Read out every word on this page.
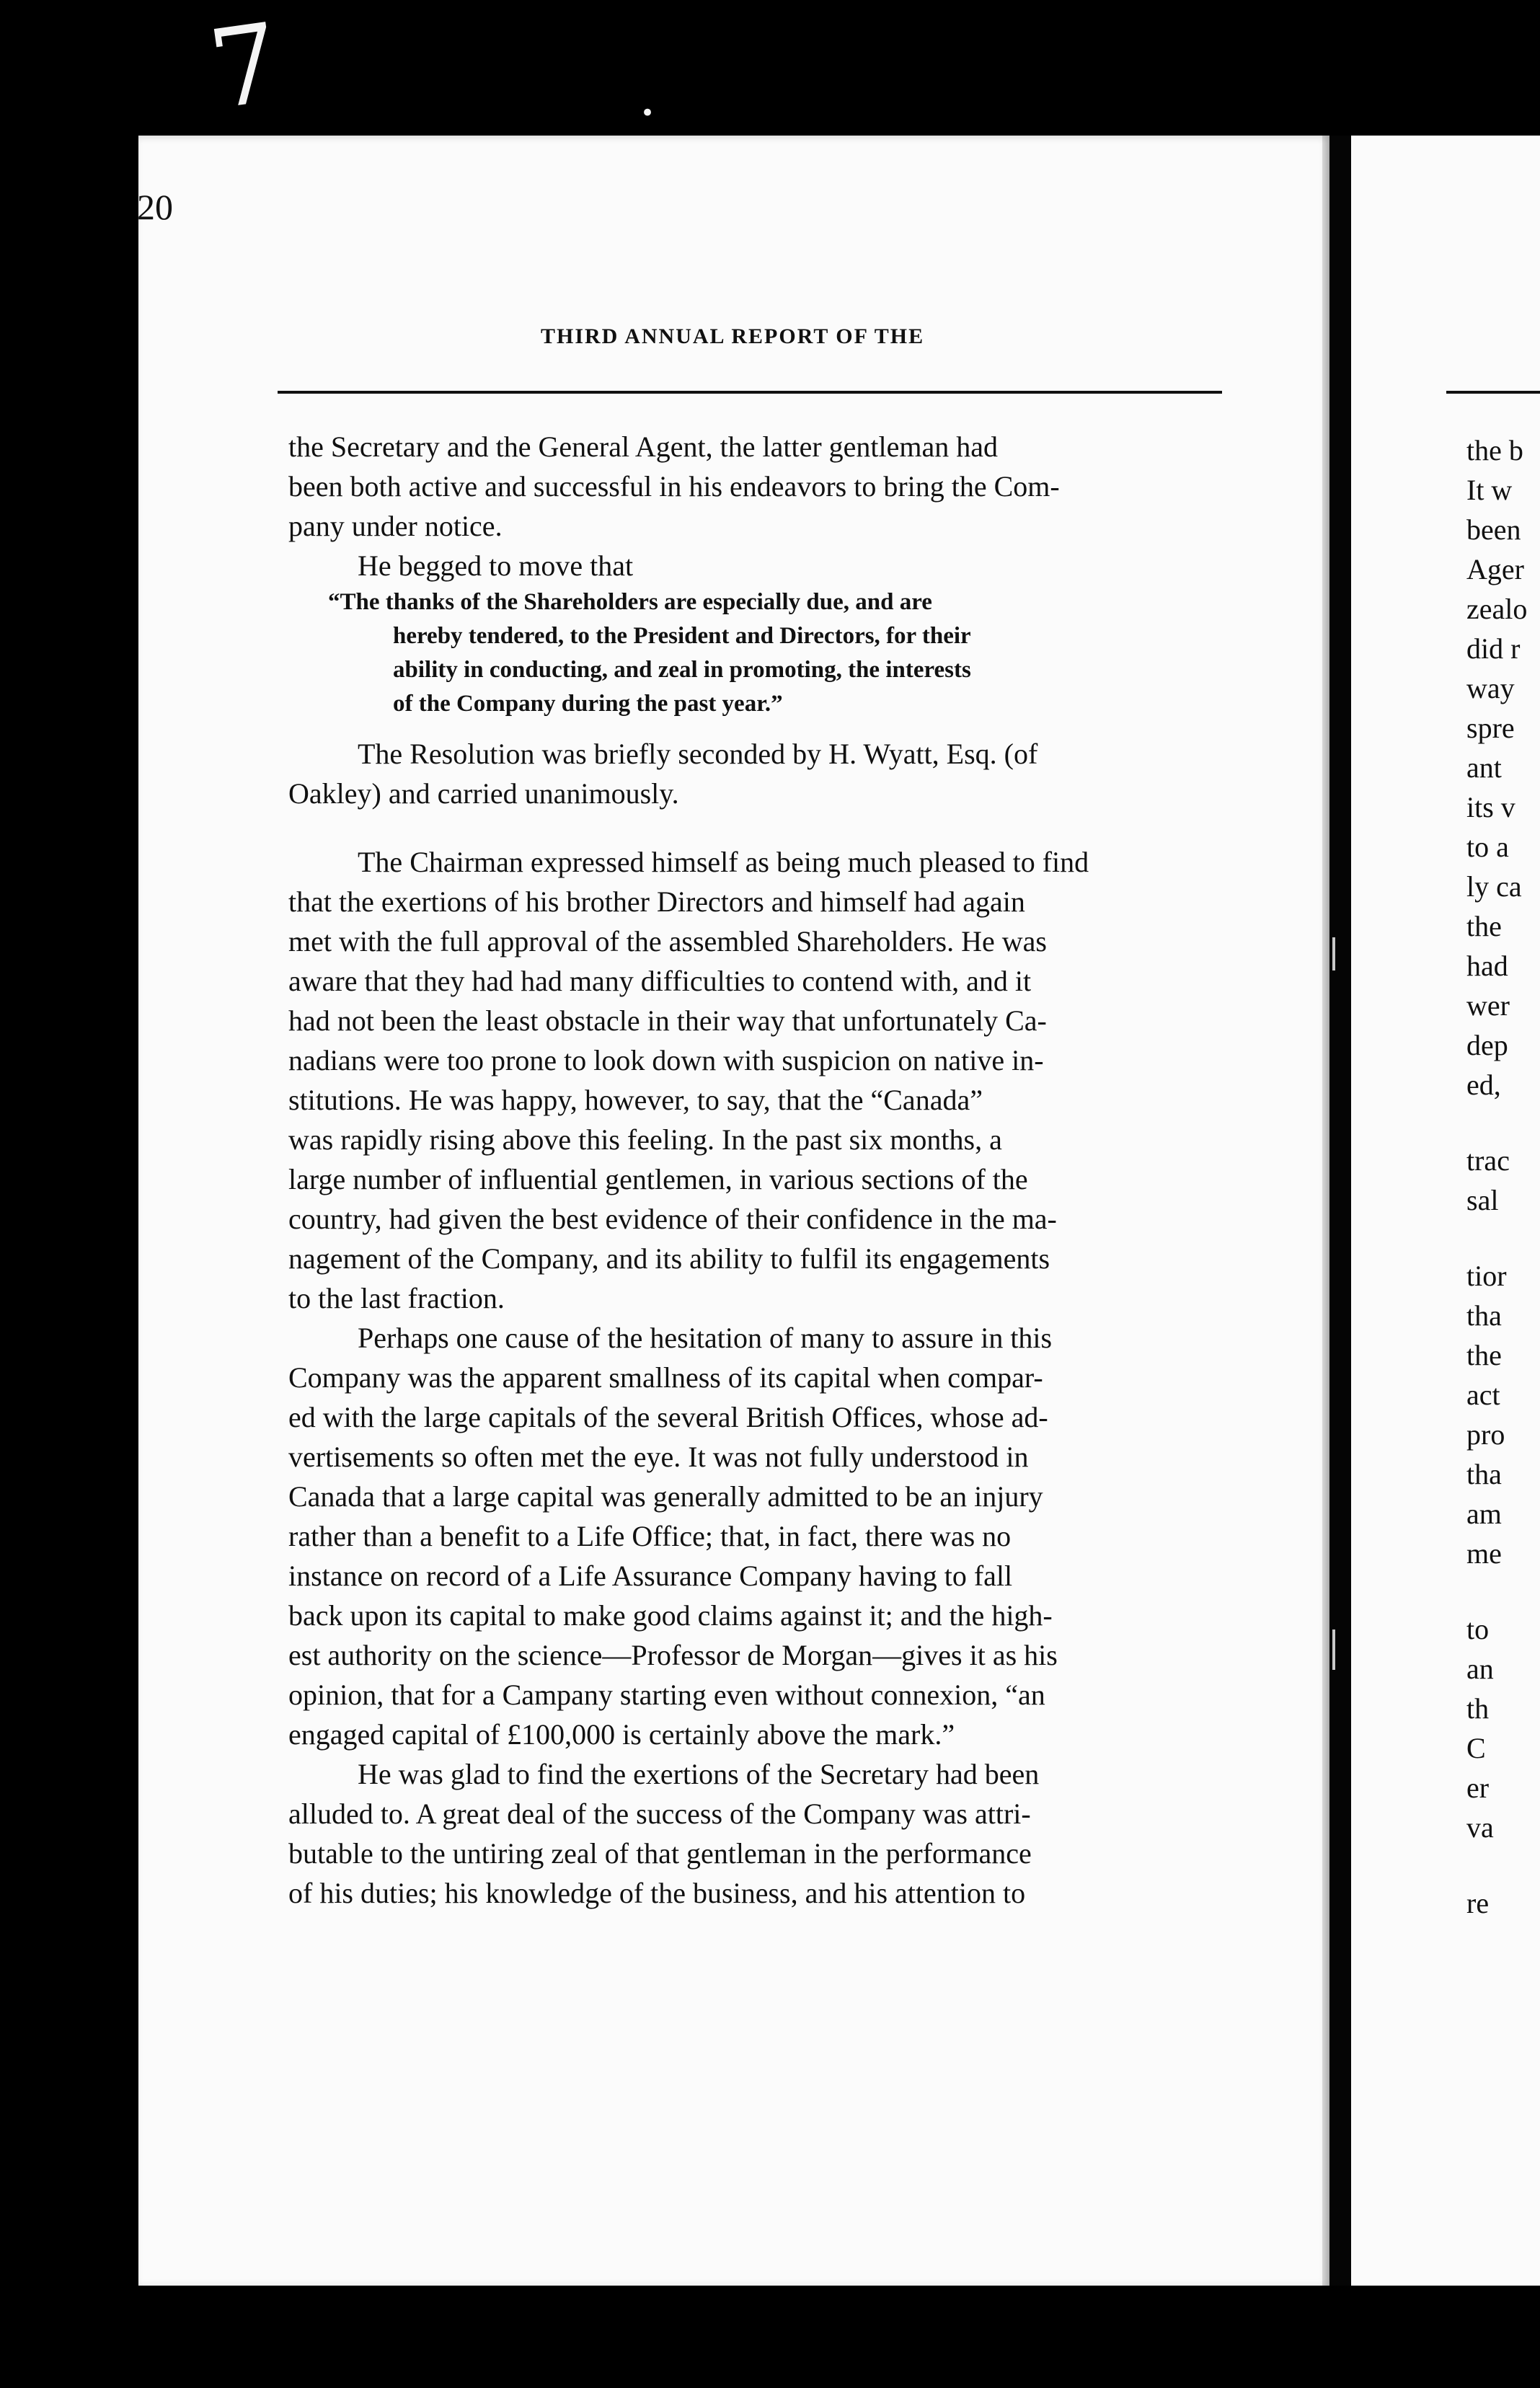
7	•
20
THIRD ANNUAL REPORT OF THE
the Secretary and the General Agent, the latter gentleman had
been both active and successful in his endeavors to bring the Com-
pany under notice.
He begged to move that
“The thanks of the Shareholders are especially due, and are
hereby tendered, to the President and Directors, for their
ability in conducting, and zeal in promoting, the interests
of the Company during the past year.”
The Resolution was briefly seconded by H. Wyatt, Esq. (of
Oakley) and carried unanimously.
The Chairman expressed himself as being much pleased to find
that the exertions of his brother Directors and himself had again
met with the full approval of the assembled Shareholders. He was
aware that they had had many difficulties to contend with, and it
had not been the least obstacle in their way that unfortunately Ca-
nadians were too prone to look down with suspicion on native in-
stitutions. He was happy, however, to say, that the “Canada”
was rapidly rising above this feeling. In the past six months, a
large number of influential gentlemen, in various sections of the
country, had given the best evidence of their confidence in the ma-
nagement of the Company, and its ability to fulfil its engagements
to the last fraction.
Perhaps one cause of the hesitation of many to assure in this
Company was the apparent smallness of its capital when compar-
ed with the large capitals of the several British Offices, whose ad-
vertisements so often met the eye. It was not fully understood in
Canada that a large capital was generally admitted to be an injury
rather than a benefit to a Life Office; that, in fact, there was no
instance on record of a Life Assurance Company having to fall
back upon its capital to make good claims against it; and the high-
est authority on the science—Professor de Morgan—gives it as his
opinion, that for a Campany starting even without connexion, “an
engaged capital of £100,000 is certainly above the mark.”
He was glad to find the exertions of the Secretary had been
alluded to. A great deal of the success of the Company was attri-
butable to the untiring zeal of that gentleman in the performance
of his duties; his knowledge of the business, and his attention to
the b
It w
been
Ager
zealo
did r
way
spre
ant
its v
to a
ly ca
the
had
wer
dep
ed,
trac
sal
tior
tha
the
act
pro
tha
am
me
to
an
th
C
er
va
re
